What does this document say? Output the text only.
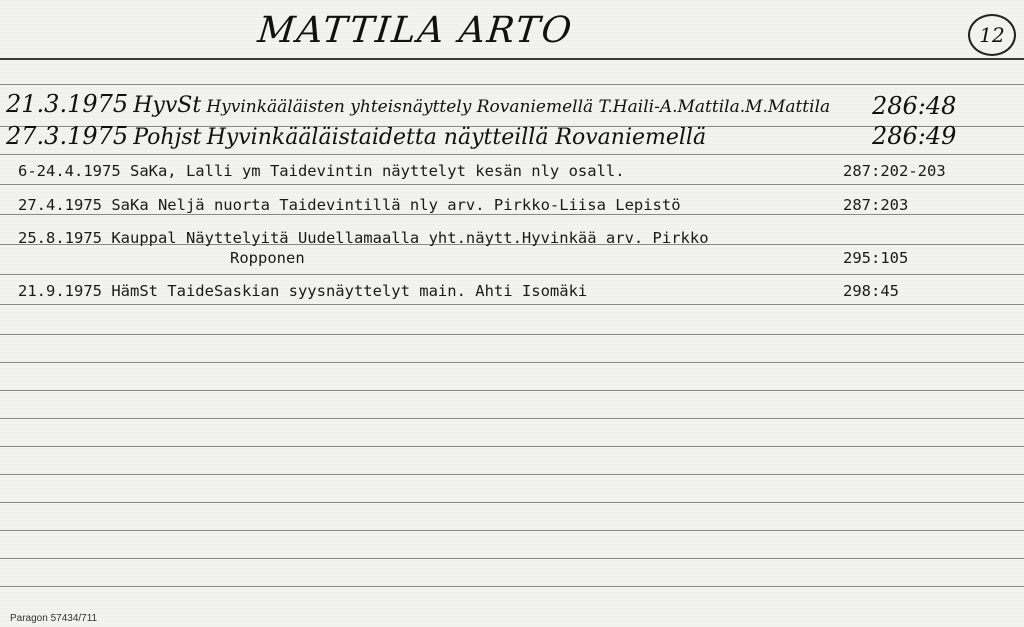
MATTILA ARTO	12
21.3.1975 HyvSt Hyvinkääläisten yhteisnäyttely Rovaniemellä T.Haili-A.Mattila.M.Mattila 286:48
27.3.1975 Pohjst Hyvinkääläistaidetta näytteillä Rovaniemellä	286:49
6-24.4.1975 SaKa, Lalli ym Taidevintin näyttelyt kesän nly osall.	287:202-203
27.4.1975 SaKa Neljä nuorta Taidevintillä nly arv. Pirkko-Liisa Lepistö	287:203
25.8.1975 Kauppal Näyttelyitä Uudellamaalla yht.näytt.Hyvinkää arv. Pirkko
Ropponen	295:105
21.9.1975 HämSt TaideSaskian syysnäyttelyt main. Ahti Isomäki	298:45
Paragon 57434/711
